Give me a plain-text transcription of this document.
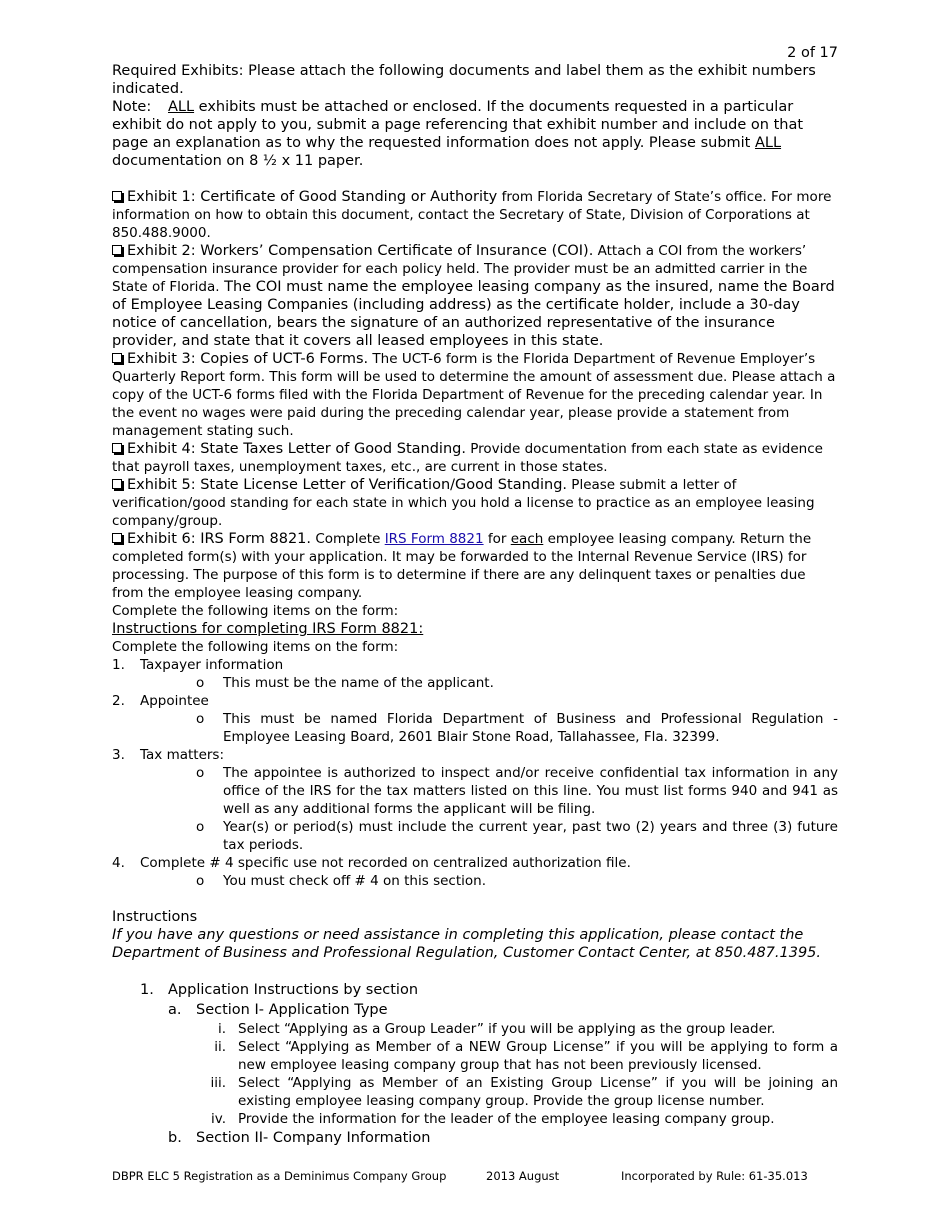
2 of 17
Required Exhibits: Please attach the following documents and label them as the exhibit numbers indicated.
Note: ALL exhibits must be attached or enclosed. If the documents requested in a particular exhibit do not apply to you, submit a page referencing that exhibit number and include on that page an explanation as to why the requested information does not apply. Please submit ALL documentation on 8 ½ x 11 paper.
Exhibit 1: Certificate of Good Standing or Authority from Florida Secretary of State’s office. For more information on how to obtain this document, contact the Secretary of State, Division of Corporations at 850.488.9000.
Exhibit 2: Workers’ Compensation Certificate of Insurance (COI). Attach a COI from the workers’ compensation insurance provider for each policy held. The provider must be an admitted carrier in the State of Florida. The COI must name the employee leasing company as the insured, name the Board of Employee Leasing Companies (including address) as the certificate holder, include a 30-day notice of cancellation, bears the signature of an authorized representative of the insurance provider, and state that it covers all leased employees in this state.
Exhibit 3: Copies of UCT-6 Forms. The UCT-6 form is the Florida Department of Revenue Employer’s Quarterly Report form. This form will be used to determine the amount of assessment due. Please attach a copy of the UCT-6 forms filed with the Florida Department of Revenue for the preceding calendar year. In the event no wages were paid during the preceding calendar year, please provide a statement from management stating such.
Exhibit 4: State Taxes Letter of Good Standing. Provide documentation from each state as evidence that payroll taxes, unemployment taxes, etc., are current in those states.
Exhibit 5: State License Letter of Verification/Good Standing. Please submit a letter of verification/good standing for each state in which you hold a license to practice as an employee leasing company/group.
Exhibit 6: IRS Form 8821. Complete IRS Form 8821 for each employee leasing company. Return the completed form(s) with your application. It may be forwarded to the Internal Revenue Service (IRS) for processing. The purpose of this form is to determine if there are any delinquent taxes or penalties due from the employee leasing company.
Complete the following items on the form:
Instructions for completing IRS Form 8821:
Complete the following items on the form:
1. Taxpayer information
o This must be the name of the applicant.
2. Appointee
o This must be named Florida Department of Business and Professional Regulation - Employee Leasing Board, 2601 Blair Stone Road, Tallahassee, Fla. 32399.
3. Tax matters:
o The appointee is authorized to inspect and/or receive confidential tax information in any office of the IRS for the tax matters listed on this line. You must list forms 940 and 941 as well as any additional forms the applicant will be filing.
o Year(s) or period(s) must include the current year, past two (2) years and three (3) future tax periods.
4. Complete # 4 specific use not recorded on centralized authorization file.
o You must check off # 4 on this section.
Instructions
If you have any questions or need assistance in completing this application, please contact the Department of Business and Professional Regulation, Customer Contact Center, at 850.487.1395.
1. Application Instructions by section
a. Section I- Application Type
i. Select “Applying as a Group Leader” if you will be applying as the group leader.
ii. Select “Applying as Member of a NEW Group License” if you will be applying to form a new employee leasing company group that has not been previously licensed.
iii. Select “Applying as Member of an Existing Group License” if you will be joining an existing employee leasing company group. Provide the group license number.
iv. Provide the information for the leader of the employee leasing company group.
b. Section II- Company Information
DBPR ELC 5 Registration as a Deminimus Company Group	2013 August	Incorporated by Rule: 61-35.013
